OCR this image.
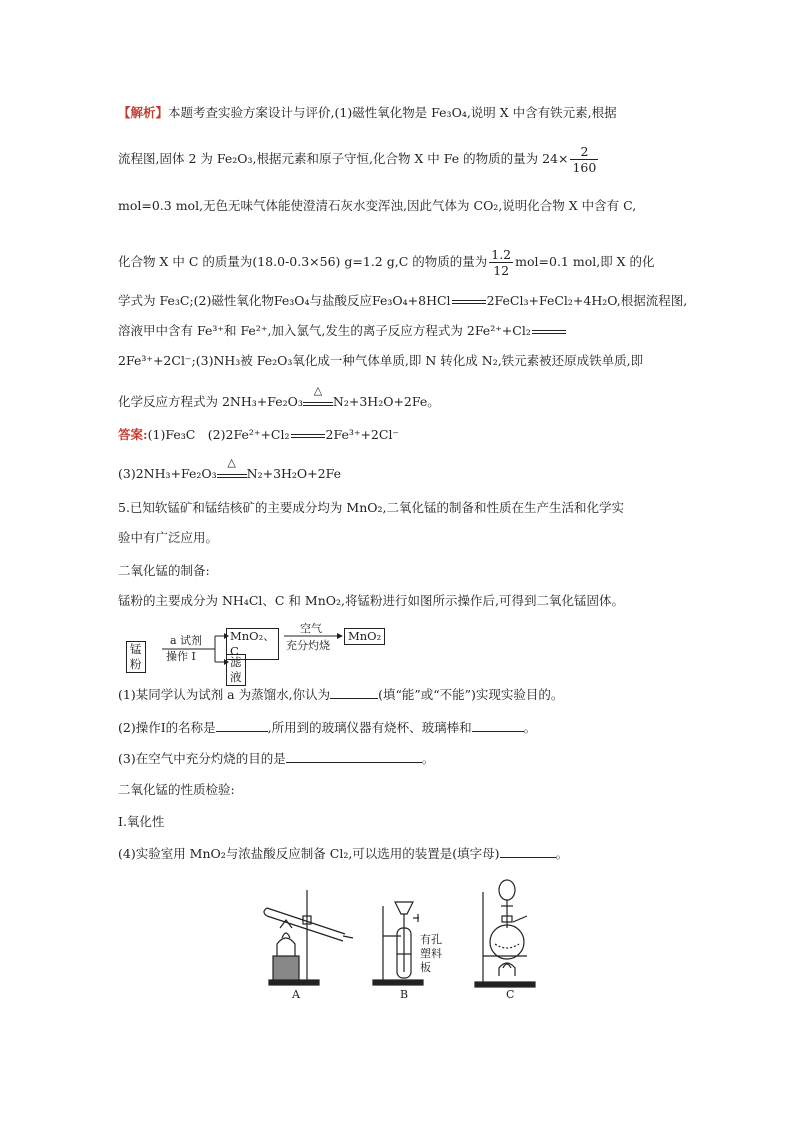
【解析】本题考查实验方案设计与评价,(1)磁性氧化物是 Fe₃O₄,说明 X 中含有铁元素,根据
流程图,固体 2 为 Fe₂O₃,根据元素和原子守恒,化合物 X 中 Fe 的物质的量为 $24\times \frac{2}{160}$
mol=0.3 mol,无色无味气体能使澄清石灰水变浑浊,因此气体为 CO₂,说明化合物 X 中含有 C,
化合物 X 中 C 的质量为(18.0-0.3×56) g=1.2 g,C 的物质的量为 $\frac{1.2}{12} mol=0.1$ mol,即 X 的化
学式为 Fe₃C;(2)磁性氧化物Fe₃O₄与盐酸反应Fe₃O₄+8HCl	2FeCl₃+FeCl₂+4H₂O,根据流程图,
溶液甲中含有 Fe³⁺和 Fe²⁺,加入氯气,发生的离子反应方程式为 2Fe²⁺+Cl₂
2Fe³⁺+2Cl⁻;(3)NH₃被 Fe₂O₃氧化成一种气体单质,即 N 转化成 N₂,铁元素被还原成铁单质,即
化学反应方程式为 2NH₃+Fe₂O₃
△
N₂+3H₂O+2Fe。
答案:(1)Fe₃C　(2)2Fe²⁺+Cl₂	2Fe³⁺+2Cl⁻
(3)2NH₃+Fe₂O₃
△
N₂+3H₂O+2Fe
5.已知软锰矿和锰结核矿的主要成分均为 MnO₂,二氧化锰的制备和性质在生产生活和化学实
验中有广泛应用。
二氧化锰的制备:
锰粉的主要成分为 NH₄Cl、C 和 MnO₂,将锰粉进行如图所示操作后,可得到二氧化锰固体。
锰粉
a 试剂
操作 Ⅰ
MnO₂、C
滤液
空气
充分灼烧
MnO₂
(1)某同学认为试剂 a 为蒸馏水,你认为	(填“能”或“不能”)实现实验目的。
(2)操作Ⅰ的名称是	,所用到的玻璃仪器有烧杯、玻璃棒和	。
(3)在空气中充分灼烧的目的是	。
二氧化锰的性质检验:
Ⅰ.氧化性
(4)实验室用 MnO₂与浓盐酸反应制备 Cl₂,可以选用的装置是(填字母)	。
A	B	C
有孔
塑料
板
